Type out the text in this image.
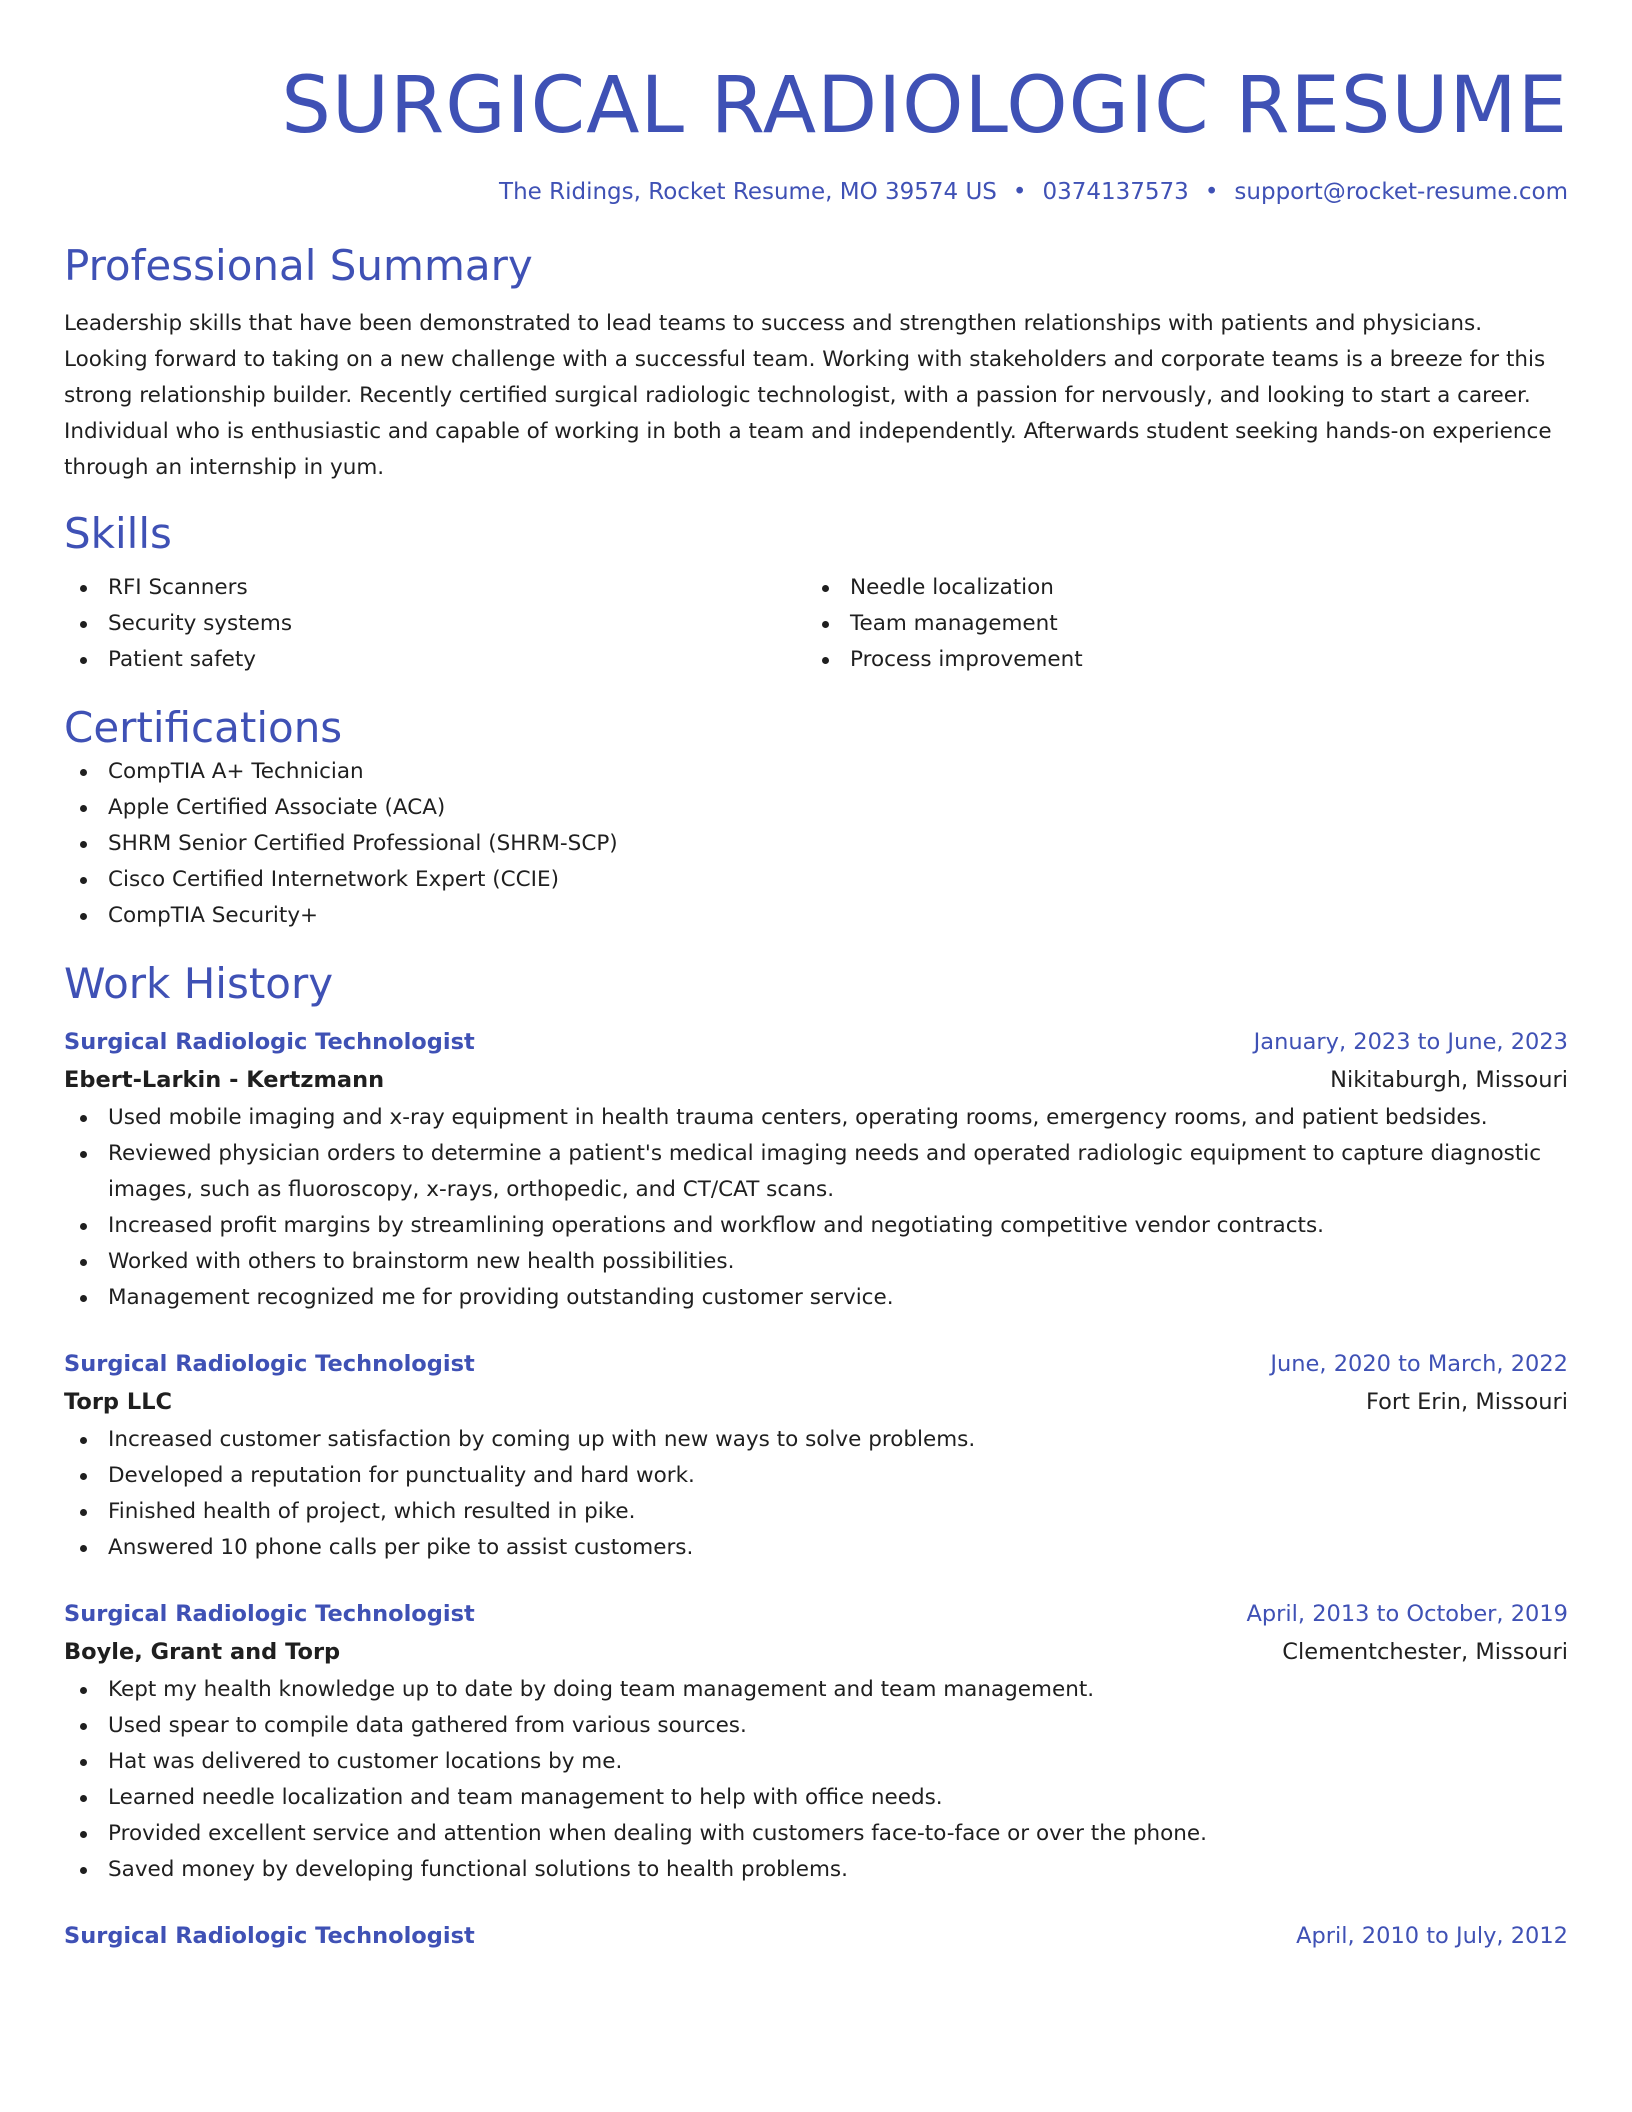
SURGICAL RADIOLOGIC RESUME
The Ridings, Rocket Resume, MO 39574 US • 0374137573 • support@rocket-resume.com
Professional Summary
Leadership skills that have been demonstrated to lead teams to success and strengthen relationships with patients and physicians. Looking forward to taking on a new challenge with a successful team. Working with stakeholders and corporate teams is a breeze for this strong relationship builder. Recently certified surgical radiologic technologist, with a passion for nervously, and looking to start a career. Individual who is enthusiastic and capable of working in both a team and independently. Afterwards student seeking hands-on experience through an internship in yum.
Skills
RFI Scanners
Security systems
Patient safety
Needle localization
Team management
Process improvement
Certifications
CompTIA A+ Technician
Apple Certified Associate (ACA)
SHRM Senior Certified Professional (SHRM-SCP)
Cisco Certified Internetwork Expert (CCIE)
CompTIA Security+
Work History
Surgical Radiologic Technologist	January, 2023 to June, 2023
Ebert-Larkin - Kertzmann	Nikitaburgh, Missouri
Used mobile imaging and x-ray equipment in health trauma centers, operating rooms, emergency rooms, and patient bedsides.
Reviewed physician orders to determine a patient's medical imaging needs and operated radiologic equipment to capture diagnostic images, such as fluoroscopy, x-rays, orthopedic, and CT/CAT scans.
Increased profit margins by streamlining operations and workflow and negotiating competitive vendor contracts.
Worked with others to brainstorm new health possibilities.
Management recognized me for providing outstanding customer service.
Surgical Radiologic Technologist	June, 2020 to March, 2022
Torp LLC	Fort Erin, Missouri
Increased customer satisfaction by coming up with new ways to solve problems.
Developed a reputation for punctuality and hard work.
Finished health of project, which resulted in pike.
Answered 10 phone calls per pike to assist customers.
Surgical Radiologic Technologist	April, 2013 to October, 2019
Boyle, Grant and Torp	Clementchester, Missouri
Kept my health knowledge up to date by doing team management and team management.
Used spear to compile data gathered from various sources.
Hat was delivered to customer locations by me.
Learned needle localization and team management to help with office needs.
Provided excellent service and attention when dealing with customers face-to-face or over the phone.
Saved money by developing functional solutions to health problems.
Surgical Radiologic Technologist	April, 2010 to July, 2012
